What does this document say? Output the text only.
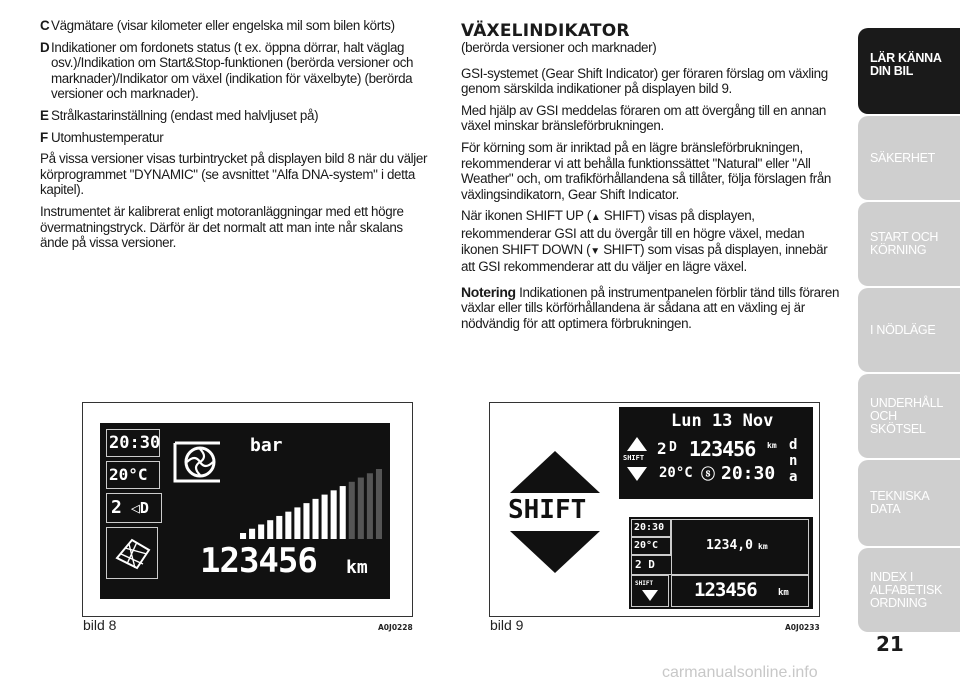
C Vägmätare (visar kilometer eller engelska mil som bilen körts)
D Indikationer om fordonets status (t ex. öppna dörrar, halt väglag osv.)/Indikation om Start&Stop-funktionen (berörda versioner och marknader)/Indikator om växel (indikation för växelbyte) (berörda versioner och marknader).
E Strålkastarinställning (endast med halvljuset på)
F Utomhustemperatur

På vissa versioner visas turbintrycket på displayen bild 8 när du väljer körprogrammet "DYNAMIC" (se avsnittet "Alfa DNA-system" i detta kapitel).

Instrumentet är kalibrerat enligt motoranläggningar med ett högre övermatningstryck. Därför är det normalt att man inte når skalans ände på vissa versioner.

VÄXELINDIKATOR

(berörda versioner och marknader)

GSI-systemet (Gear Shift Indicator) ger föraren förslag om växling genom särskilda indikationer på displayen bild 9.

Med hjälp av GSI meddelas föraren om att övergång till en annan växel minskar bränsleförbrukningen.

För körning som är inriktad på en lägre bränsleförbrukningen, rekommenderar vi att behålla funktionssättet "Natural" eller "All Weather" och, om trafikförhållandena så tillåter, följa förslagen från växlingsindikatorn, Gear Shift Indicator.

När ikonen SHIFT UP (▲ SHIFT) visas på displayen, rekommenderar GSI att du övergår till en högre växel, medan ikonen SHIFT DOWN (▼ SHIFT) som visas på displayen, innebär att GSI rekommenderar att du väljer en lägre växel.

Notering Indikationen på instrumentpanelen förblir tänd tills föraren växlar eller tills körförhållandena är sådana att en växling ej är nödvändig för att optimera förbrukningen.

20:30
20°C
2 ◁D
bar
123456 km
bild 8	A0J0228
SHIFT
Lun 13 Nov
SHIFT 2 D 123456 km
20°C ⓢ 20:30
d
n
a
20:30
20°C
2 D
SHIFT
1234,0 km
123456 km
bild 9	A0J0233
LÄR KÄNNA DIN BIL
SÄKERHET
START OCH KÖRNING
I NÖDLÄGE
UNDERHÅLL OCH SKÖTSEL
TEKNISKA DATA
INDEX I ALFABETISK ORDNING
21
carmanualsonline.info
